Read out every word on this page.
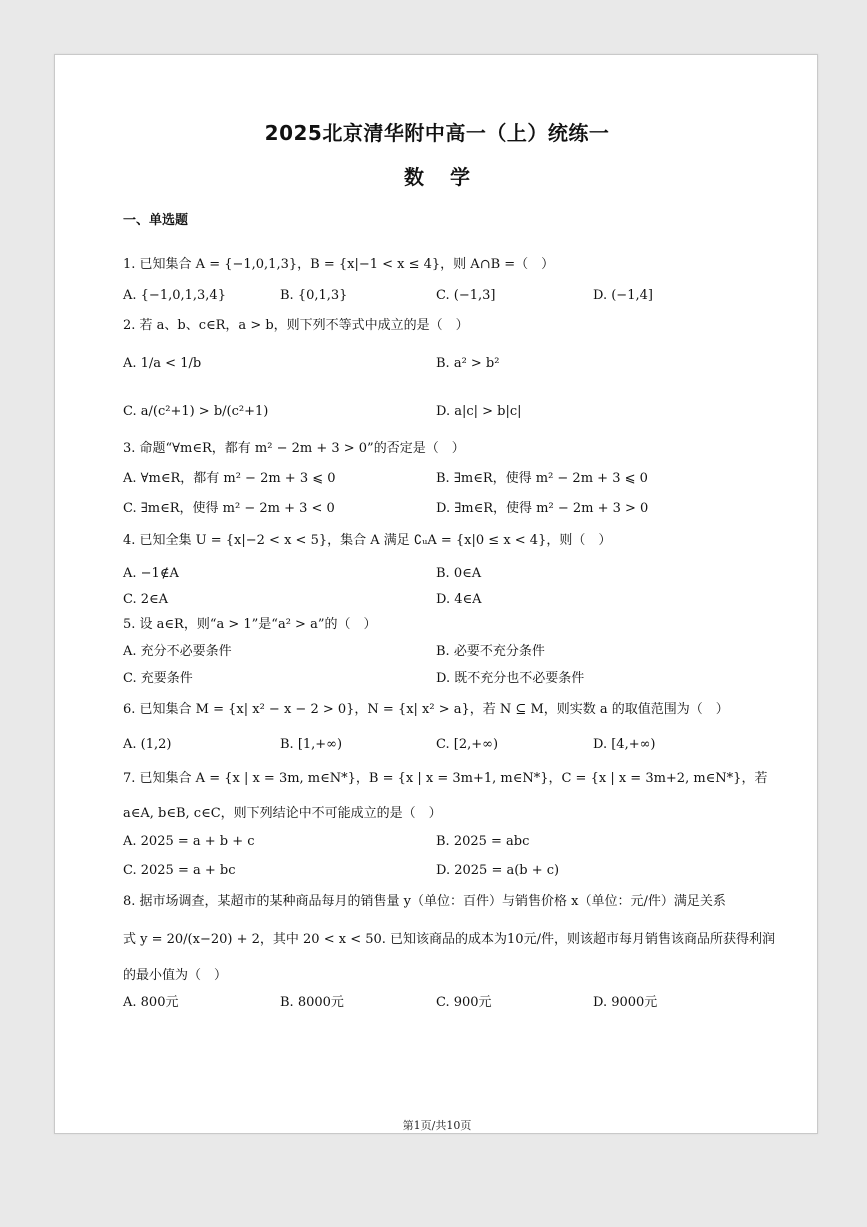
2025北京清华附中高一（上）统练一
数学
一、单选题
1. 已知集合 A = {−1,0,1,3}，B = {x|−1 < x ≤ 4}，则 A∩B =（　）
A. {−1,0,1,3,4}	B. {0,1,3}	C. (−1,3]	D. (−1,4]
2. 若 a、b、c∈R，a > b，则下列不等式中成立的是（　）
A. 1/a < 1/b	B. a² > b²
C. a/(c²+1) > b/(c²+1)	D. a|c| > b|c|
3. 命题“∀m∈R，都有 m² − 2m + 3 > 0”的否定是（　）
A. ∀m∈R，都有 m² − 2m + 3 ⩽ 0	B. ∃m∈R，使得 m² − 2m + 3 ⩽ 0
C. ∃m∈R，使得 m² − 2m + 3 < 0	D. ∃m∈R，使得 m² − 2m + 3 > 0
4. 已知全集 U = {x|−2 < x < 5}，集合 A 满足 ∁ᵤA = {x|0 ≤ x < 4}，则（　）
A. −1∉A	B. 0∈A
C. 2∈A	D. 4∈A
5. 设 a∈R，则“a > 1”是“a² > a”的（　）
A. 充分不必要条件	B. 必要不充分条件
C. 充要条件	D. 既不充分也不必要条件
6. 已知集合 M = {x| x² − x − 2 > 0}，N = {x| x² > a}，若 N ⊆ M，则实数 a 的取值范围为（　）
A. (1,2)	B. [1,+∞)	C. [2,+∞)	D. [4,+∞)
7. 已知集合 A = {x | x = 3m, m∈N*}，B = {x | x = 3m+1, m∈N*}，C = {x | x = 3m+2, m∈N*}，若
a∈A, b∈B, c∈C，则下列结论中不可能成立的是（　）
A. 2025 = a + b + c	B. 2025 = abc
C. 2025 = a + bc	D. 2025 = a(b + c)
8. 据市场调查，某超市的某种商品每月的销售量 y（单位：百件）与销售价格 x（单位：元/件）满足关系
式 y = 20/(x−20) + 2，其中 20 < x < 50. 已知该商品的成本为10元/件，则该超市每月销售该商品所获得利润
的最小值为（　）
A. 800元	B. 8000元	C. 900元	D. 9000元
第1页/共10页
